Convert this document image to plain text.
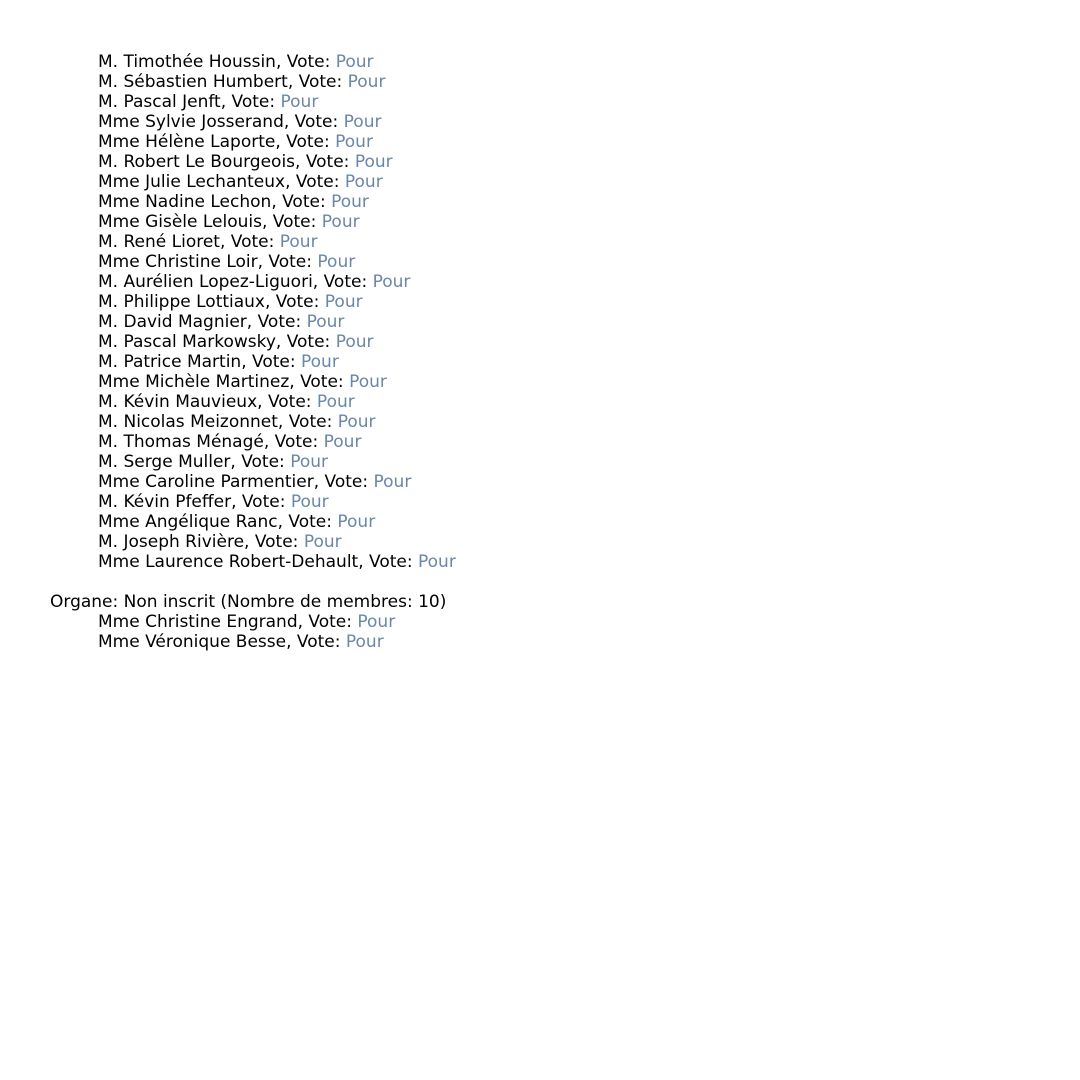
M. Timothée Houssin, Vote: Pour
M. Sébastien Humbert, Vote: Pour
M. Pascal Jenft, Vote: Pour
Mme Sylvie Josserand, Vote: Pour
Mme Hélène Laporte, Vote: Pour
M. Robert Le Bourgeois, Vote: Pour
Mme Julie Lechanteux, Vote: Pour
Mme Nadine Lechon, Vote: Pour
Mme Gisèle Lelouis, Vote: Pour
M. René Lioret, Vote: Pour
Mme Christine Loir, Vote: Pour
M. Aurélien Lopez-Liguori, Vote: Pour
M. Philippe Lottiaux, Vote: Pour
M. David Magnier, Vote: Pour
M. Pascal Markowsky, Vote: Pour
M. Patrice Martin, Vote: Pour
Mme Michèle Martinez, Vote: Pour
M. Kévin Mauvieux, Vote: Pour
M. Nicolas Meizonnet, Vote: Pour
M. Thomas Ménagé, Vote: Pour
M. Serge Muller, Vote: Pour
Mme Caroline Parmentier, Vote: Pour
M. Kévin Pfeffer, Vote: Pour
Mme Angélique Ranc, Vote: Pour
M. Joseph Rivière, Vote: Pour
Mme Laurence Robert-Dehault, Vote: Pour
Organe: Non inscrit (Nombre de membres: 10)
Mme Christine Engrand, Vote: Pour
Mme Véronique Besse, Vote: Pour
